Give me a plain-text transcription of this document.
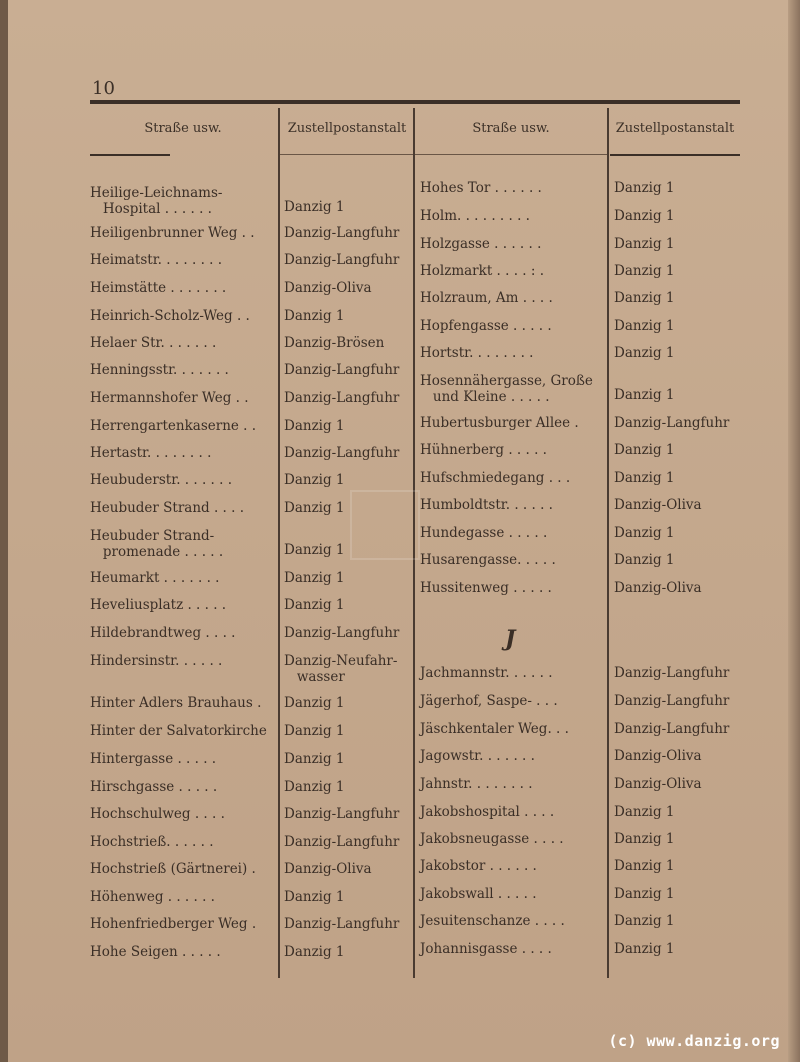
10
Straße usw.	Zustellpostanstalt	Straße usw.	Zustellpostanstalt
J
Heilige-Leichnams-
Hospital . . . . . .	Danzig 1
Heiligenbrunner Weg . .	Danzig-Langfuhr
Heimatstr. . . . . . . .	Danzig-Langfuhr
Heimstätte . . . . . . .	Danzig-Oliva
Heinrich-Scholz-Weg . .	Danzig 1
Helaer Str. . . . . . .	Danzig-Brösen
Henningsstr. . . . . . .	Danzig-Langfuhr
Hermannshofer Weg . .	Danzig-Langfuhr
Herrengartenkaserne . .	Danzig 1
Hertastr. . . . . . . .	Danzig-Langfuhr
Heubuderstr. . . . . . .	Danzig 1
Heubuder Strand . . . .	Danzig 1
Heubuder Strand-
promenade . . . . .	Danzig 1
Heumarkt . . . . . . .	Danzig 1
Heveliusplatz . . . . .	Danzig 1
Hildebrandtweg . . . .	Danzig-Langfuhr
Hindersinstr. . . . . .	Danzig-Neufahr-
wasser
Hinter Adlers Brauhaus .	Danzig 1
Hinter der Salvatorkirche	Danzig 1
Hintergasse . . . . .	Danzig 1
Hirschgasse . . . . .	Danzig 1
Hochschulweg . . . .	Danzig-Langfuhr
Hochstrieß. . . . . .	Danzig-Langfuhr
Hochstrieß (Gärtnerei) .	Danzig-Oliva
Höhenweg . . . . . .	Danzig 1
Hohenfriedberger Weg .	Danzig-Langfuhr
Hohe Seigen . . . . .	Danzig 1
Hohes Tor . . . . . .	Danzig 1
Holm. . . . . . . . .	Danzig 1
Holzgasse . . . . . .	Danzig 1
Holzmarkt . . . . : .	Danzig 1
Holzraum, Am . . . .	Danzig 1
Hopfengasse . . . . .	Danzig 1
Hortstr. . . . . . . .	Danzig 1
Hosennähergasse, Große
und Kleine . . . . .	Danzig 1
Hubertusburger Allee .	Danzig-Langfuhr
Hühnerberg . . . . .	Danzig 1
Hufschmiedegang . . .	Danzig 1
Humboldtstr. . . . . .	Danzig-Oliva
Hundegasse . . . . .	Danzig 1
Husarengasse. . . . .	Danzig 1
Hussitenweg . . . . .	Danzig-Oliva
Jachmannstr. . . . . .	Danzig-Langfuhr
Jägerhof, Saspe- . . .	Danzig-Langfuhr
Jäschkentaler Weg. . .	Danzig-Langfuhr
Jagowstr. . . . . . .	Danzig-Oliva
Jahnstr. . . . . . . .	Danzig-Oliva
Jakobshospital . . . .	Danzig 1
Jakobsneugasse . . . .	Danzig 1
Jakobstor . . . . . .	Danzig 1
Jakobswall . . . . .	Danzig 1
Jesuitenschanze . . . .	Danzig 1
Johannisgasse . . . .	Danzig 1
(c) www.danzig.org
